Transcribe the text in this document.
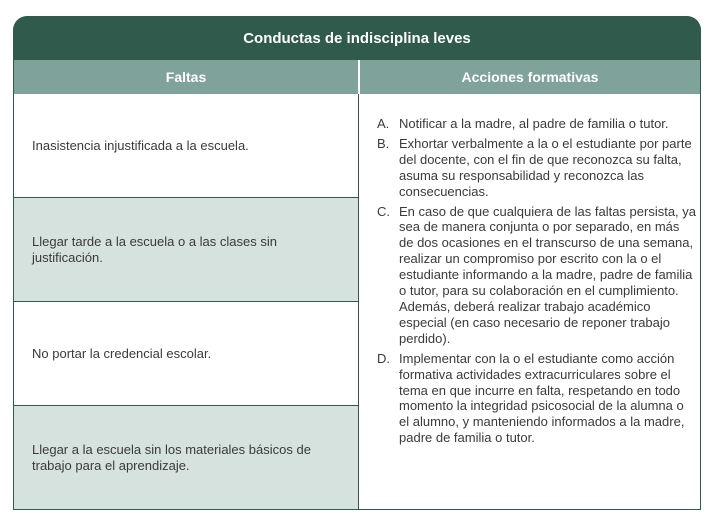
Conductas de indisciplina leves
Faltas	Acciones formativas
Inasistencia injustificada a la escuela.
Llegar tarde a la escuela o a las clases sin justificación.
No portar la credencial escolar.
Llegar a la escuela sin los materiales básicos de trabajo para el aprendizaje.
A. Notificar a la madre, al padre de familia o tutor.
B. Exhortar verbalmente a la o el estudiante por parte del docente, con el fin de que reconozca su falta, asuma su responsabilidad y reconozca las consecuencias.
C. En caso de que cualquiera de las faltas persista, ya sea de manera conjunta o por separado, en más de dos ocasiones en el transcurso de una semana, realizar un compromiso por escrito con la o el estudiante informando a la madre, padre de familia o tutor, para su colaboración en el cumplimiento. Además, deberá realizar trabajo académico especial (en caso necesario de reponer trabajo perdido).
D. Implementar con la o el estudiante como acción formativa actividades extracurriculares sobre el tema en que incurre en falta, respetando en todo momento la integridad psicosocial de la alumna o el alumno, y manteniendo informados a la madre, padre de familia o tutor.
